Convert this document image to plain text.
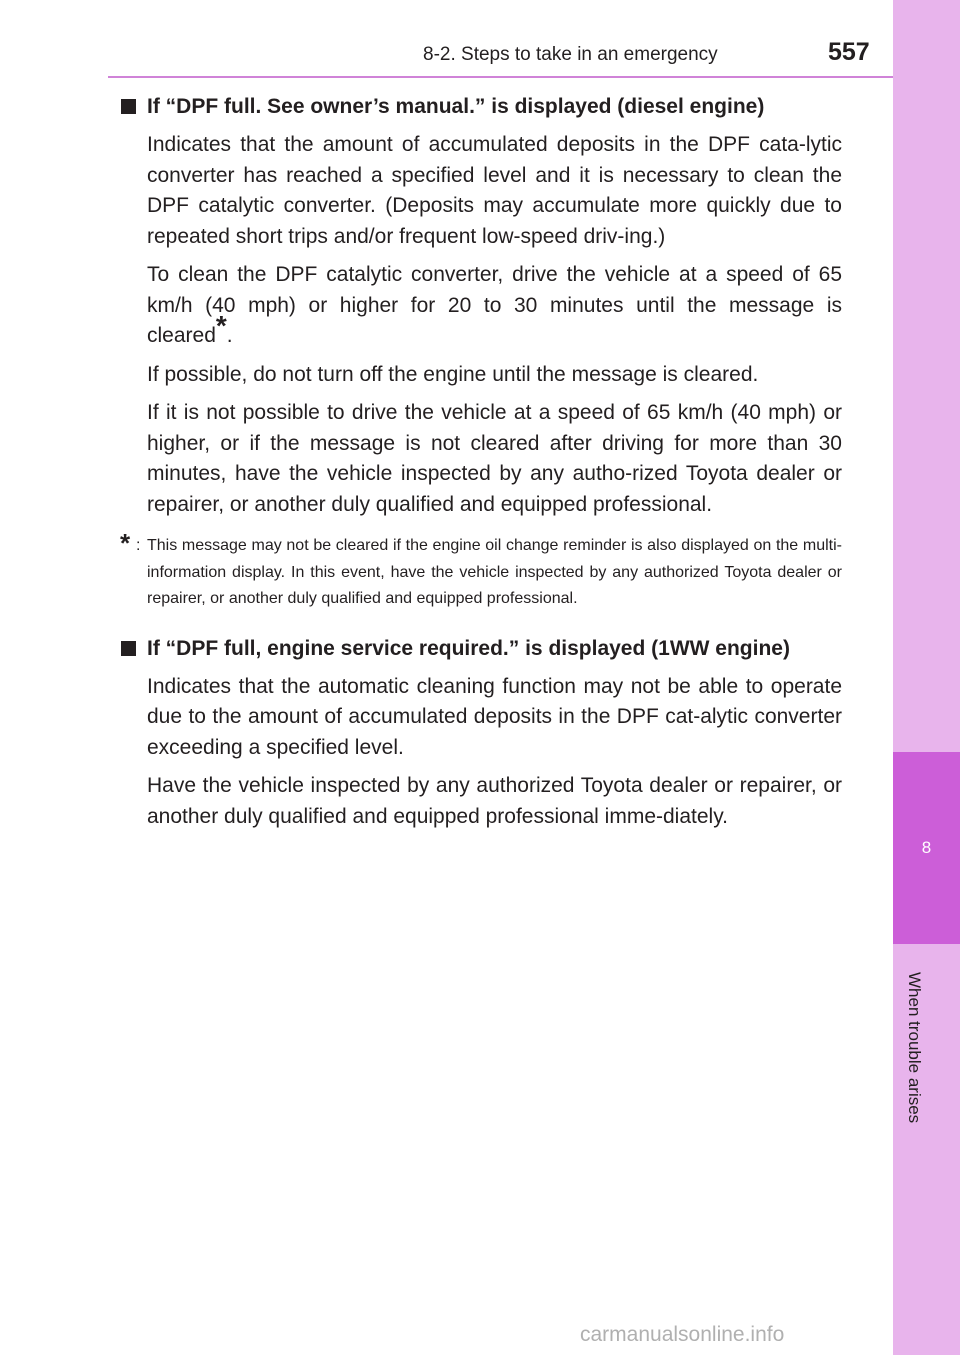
8
When trouble arises
8-2. Steps to take in an emergency	557
If “DPF full. See owner’s manual.” is displayed (diesel engine)

Indicates that the amount of accumulated deposits in the DPF cata-lytic converter has reached a specified level and it is necessary to clean the DPF catalytic converter. (Deposits may accumulate more quickly due to repeated short trips and/or frequent low-speed driv-ing.)

To clean the DPF catalytic converter, drive the vehicle at a speed of 65 km/h (40 mph) or higher for 20 to 30 minutes until the message is cleared*.

If possible, do not turn off the engine until the message is cleared.

If it is not possible to drive the vehicle at a speed of 65 km/h (40 mph) or higher, or if the message is not cleared after driving for more than 30 minutes, have the vehicle inspected by any autho-rized Toyota dealer or repairer, or another duly qualified and equipped professional.

* : This message may not be cleared if the engine oil change reminder is also displayed on the multi-information display. In this event, have the vehicle inspected by any authorized Toyota dealer or repairer, or another duly qualified and equipped professional.
If “DPF full, engine service required.” is displayed (1WW engine)

Indicates that the automatic cleaning function may not be able to operate due to the amount of accumulated deposits in the DPF cat-alytic converter exceeding a specified level.

Have the vehicle inspected by any authorized Toyota dealer or repairer, or another duly qualified and equipped professional imme-diately.

carmanualsonline.info
